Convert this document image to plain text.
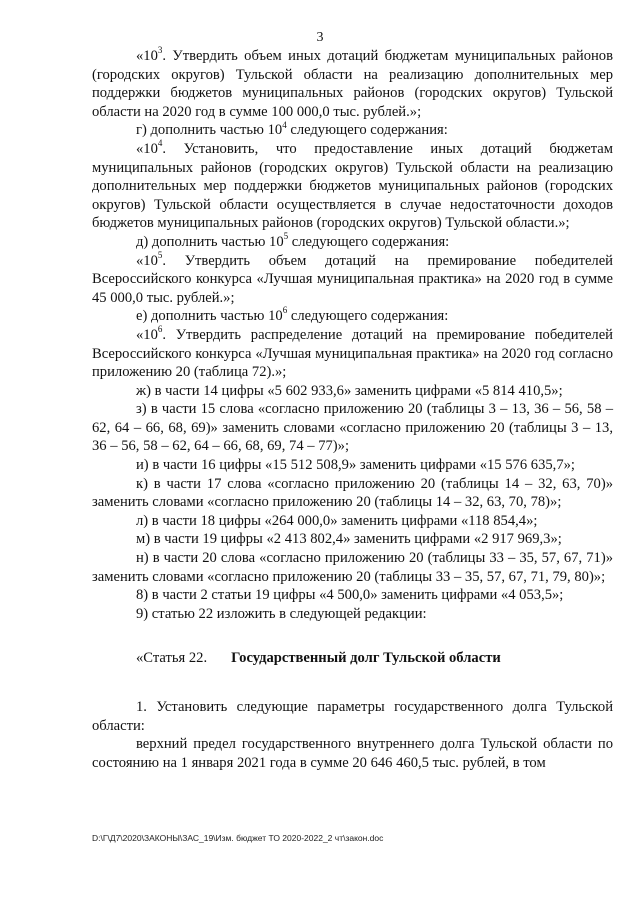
3

«$10^3$. Утвердить объем иных дотаций бюджетам муниципальных районов (городских округов) Тульской области на реализацию дополнительных мер поддержки бюджетов муниципальных районов (городских округов) Тульской области на 2020 год в сумме 100 000,0 тыс. рублей.»;

г) дополнить частью $10^4$ следующего содержания:

«$10^4$. Установить, что предоставление иных дотаций бюджетам муниципальных районов (городских округов) Тульской области на реализацию дополнительных мер поддержки бюджетов муниципальных районов (городских округов) Тульской области осуществляется в случае недостаточности доходов бюджетов муниципальных районов (городских округов) Тульской области.»;

д) дополнить частью $10^5$ следующего содержания:

«$10^5$. Утвердить объем дотаций на премирование победителей Всероссийского конкурса «Лучшая муниципальная практика» на 2020 год в сумме 45 000,0 тыс. рублей.»;

е) дополнить частью $10^6$ следующего содержания:

«$10^6$. Утвердить распределение дотаций на премирование победителей Всероссийского конкурса «Лучшая муниципальная практика» на 2020 год согласно приложению 20 (таблица 72).»;

ж) в части 14 цифры «5 602 933,6» заменить цифрами «5 814 410,5»;

з) в части 15 слова «согласно приложению 20 (таблицы 3 – 13, 36 – 56, 58 – 62, 64 – 66, 68, 69)» заменить словами «согласно приложению 20 (таблицы 3 – 13, 36 – 56, 58 – 62, 64 – 66, 68, 69, 74 – 77)»;

и) в части 16 цифры «15 512 508,9» заменить цифрами «15 576 635,7»;

к) в части 17 слова «согласно приложению 20 (таблицы 14 – 32, 63, 70)» заменить словами «согласно приложению 20 (таблицы 14 – 32, 63, 70, 78)»;

л) в части 18 цифры «264 000,0» заменить цифрами «118 854,4»;

м) в части 19 цифры «2 413 802,4» заменить цифрами «2 917 969,3»;

н) в части 20 слова «согласно приложению 20 (таблицы 33 – 35, 57, 67, 71)» заменить словами «согласно приложению 20 (таблицы 33 – 35, 57, 67, 71, 79, 80)»;

8) в части 2 статьи 19 цифры «4 500,0» заменить цифрами «4 053,5»;

9) статью 22 изложить в следующей редакции:

«Статья 22. Государственный долг Тульской области

1. Установить следующие параметры государственного долга Тульской области:

верхний предел государственного внутреннего долга Тульской области по состоянию на 1 января 2021 года в сумме 20 646 460,5 тыс. рублей, в том

D:\Г\Д7\2020\ЗАКОНЫ\ЗАС_19\Изм. бюджет ТО 2020-2022_2 чт\закон.doc
